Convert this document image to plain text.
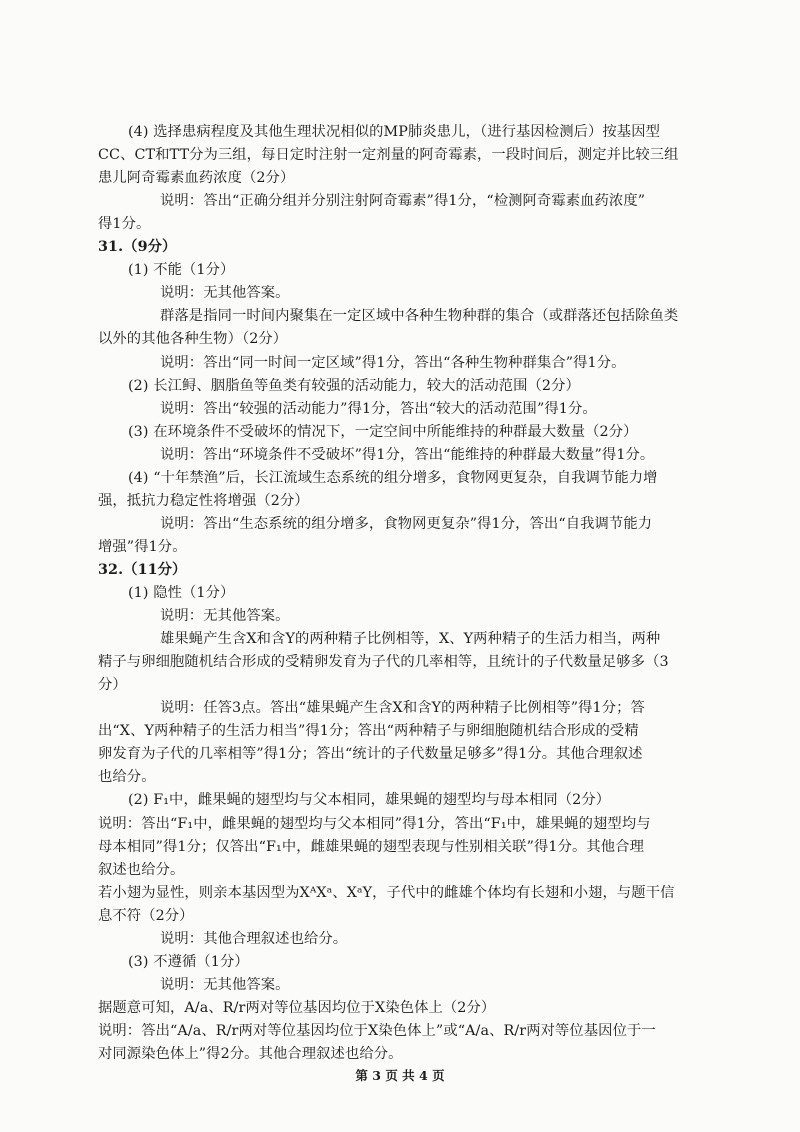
(4) 选择患病程度及其他生理状况相似的MP肺炎患儿，（进行基因检测后）按基因型
CC、CT和TT分为三组，每日定时注射一定剂量的阿奇霉素，一段时间后，测定并比较三组
患儿阿奇霉素血药浓度（2分）
说明：答出“正确分组并分别注射阿奇霉素”得1分，“检测阿奇霉素血药浓度”
得1分。
31.（9分）
(1) 不能（1分）
说明：无其他答案。
群落是指同一时间内聚集在一定区域中各种生物种群的集合（或群落还包括除鱼类
以外的其他各种生物）（2分）
说明：答出“同一时间一定区域”得1分，答出“各种生物种群集合”得1分。
(2) 长江鲟、胭脂鱼等鱼类有较强的活动能力，较大的活动范围（2分）
说明：答出“较强的活动能力”得1分，答出“较大的活动范围”得1分。
(3) 在环境条件不受破坏的情况下，一定空间中所能维持的种群最大数量（2分）
说明：答出“环境条件不受破坏”得1分，答出“能维持的种群最大数量”得1分。
(4) “十年禁渔”后，长江流域生态系统的组分增多，食物网更复杂，自我调节能力增
强，抵抗力稳定性将增强（2分）
说明：答出“生态系统的组分增多，食物网更复杂”得1分，答出“自我调节能力
增强”得1分。
32.（11分）
(1) 隐性（1分）
说明：无其他答案。
雄果蝇产生含X和含Y的两种精子比例相等，X、Y两种精子的生活力相当，两种
精子与卵细胞随机结合形成的受精卵发育为子代的几率相等，且统计的子代数量足够多（3
分）
说明：任答3点。答出“雄果蝇产生含X和含Y的两种精子比例相等”得1分；答
出“X、Y两种精子的生活力相当”得1分；答出“两种精子与卵细胞随机结合形成的受精
卵发育为子代的几率相等”得1分；答出“统计的子代数量足够多”得1分。其他合理叙述
也给分。
(2) F₁中，雌果蝇的翅型均与父本相同，雄果蝇的翅型均与母本相同（2分）
说明：答出“F₁中，雌果蝇的翅型均与父本相同”得1分，答出“F₁中，雄果蝇的翅型均与
母本相同”得1分；仅答出“F₁中，雌雄果蝇的翅型表现与性别相关联”得1分。其他合理
叙述也给分。
若小翅为显性，则亲本基因型为XᴬXᵃ、XᵃY，子代中的雌雄个体均有长翅和小翅，与题干信
息不符（2分）
说明：其他合理叙述也给分。
(3) 不遵循（1分）
说明：无其他答案。
据题意可知，A/a、R/r两对等位基因均位于X染色体上（2分）
说明：答出“A/a、R/r两对等位基因均位于X染色体上”或“A/a、R/r两对等位基因位于一
对同源染色体上”得2分。其他合理叙述也给分。
第 3 页 共 4 页
